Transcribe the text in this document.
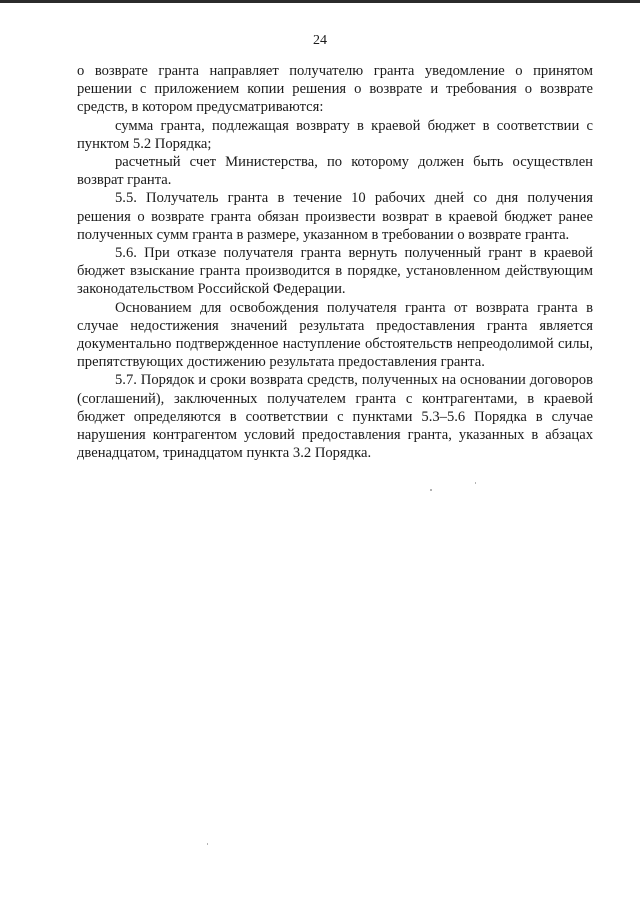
24

о возврате гранта направляет получателю гранта уведомление о принятом решении с приложением копии решения о возврате и требования о возврате средств, в котором предусматриваются:

сумма гранта, подлежащая возврату в краевой бюджет в соответствии с пунктом 5.2 Порядка;

расчетный счет Министерства, по которому должен быть осуществлен возврат гранта.

5.5. Получатель гранта в течение 10 рабочих дней со дня получения решения о возврате гранта обязан произвести возврат в краевой бюджет ранее полученных сумм гранта в размере, указанном в требовании о возврате гранта.

5.6. При отказе получателя гранта вернуть полученный грант в краевой бюджет взыскание гранта производится в порядке, установленном действующим законодательством Российской Федерации.

Основанием для освобождения получателя гранта от возврата гранта в случае недостижения значений результата предоставления гранта является документально подтвержденное наступление обстоятельств непреодолимой силы, препятствующих достижению результата предоставления гранта.

5.7. Порядок и сроки возврата средств, полученных на основании договоров (соглашений), заключенных получателем гранта с контрагентами, в краевой бюджет определяются в соответствии с пунктами 5.3–5.6 Порядка в случае нарушения контрагентом условий предоставления гранта, указанных в абзацах двенадцатом, тринадцатом пункта 3.2 Порядка.
